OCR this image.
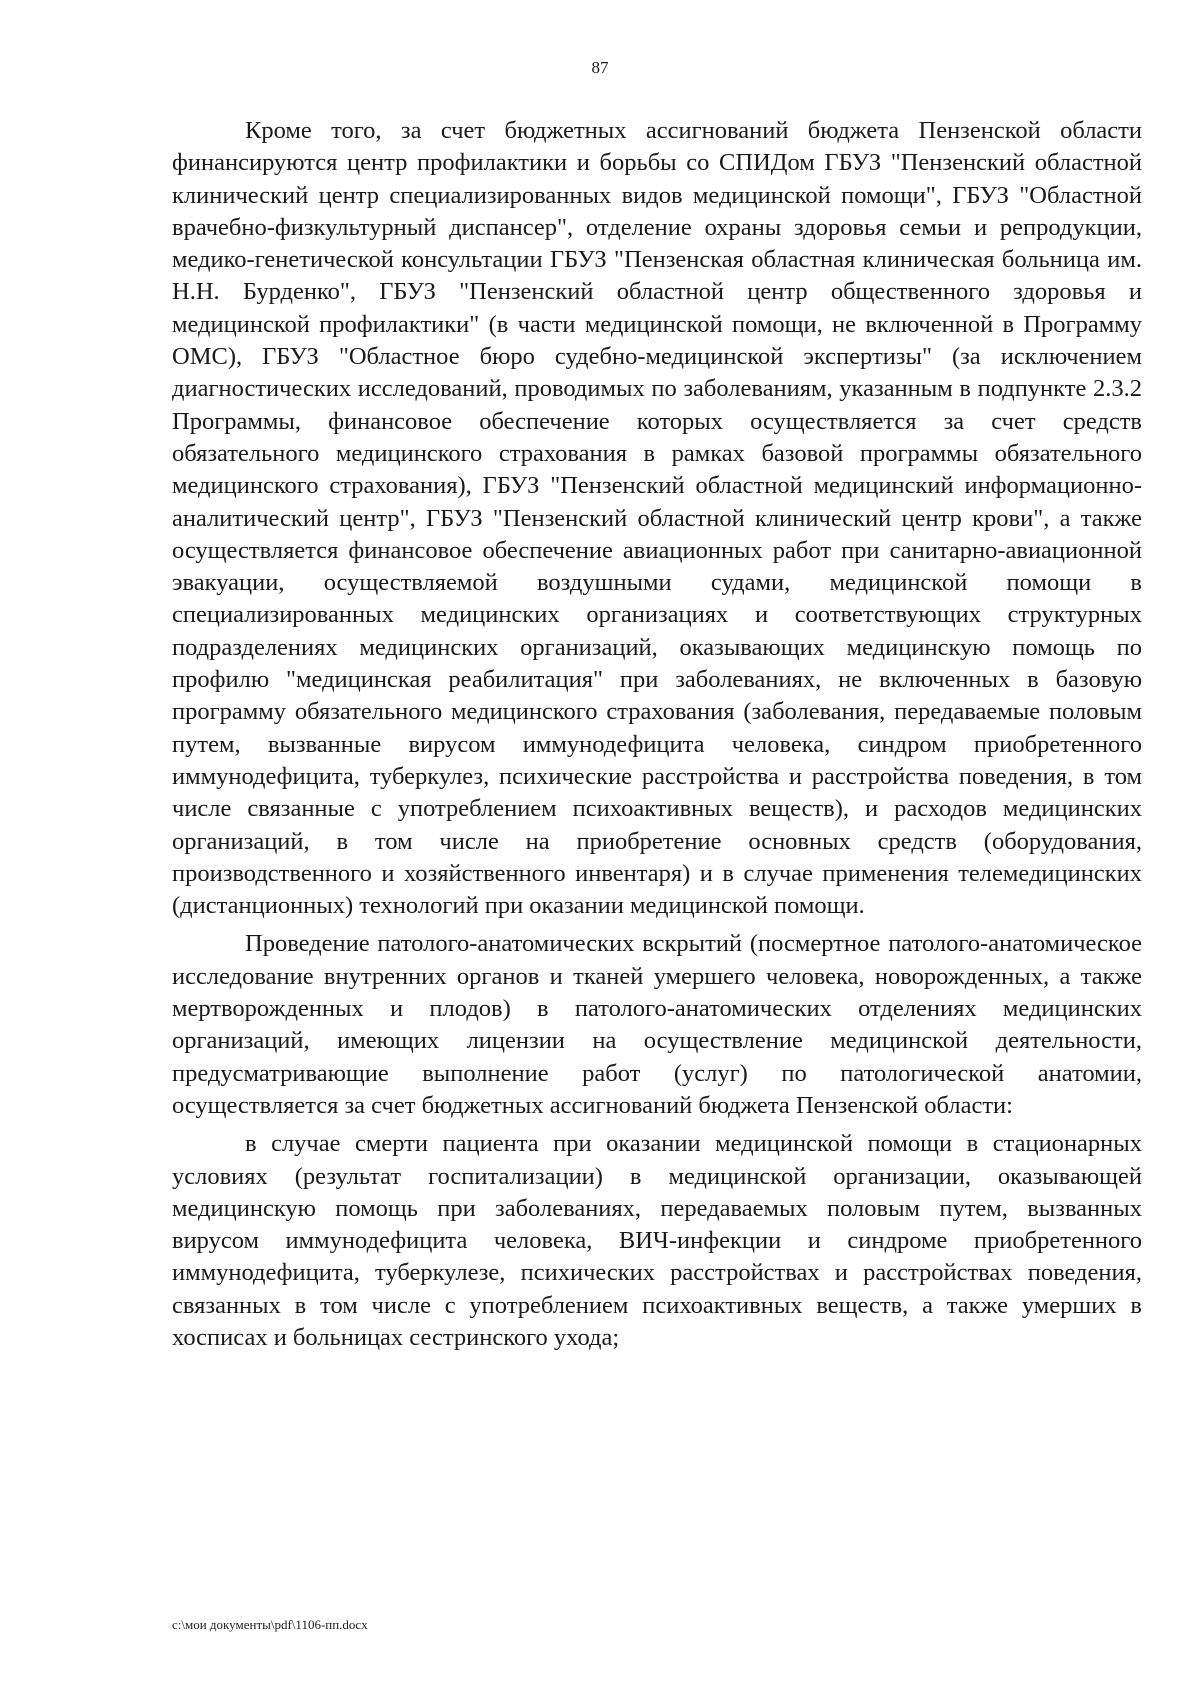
87

Кроме того, за счет бюджетных ассигнований бюджета Пензенской области финансируются центр профилактики и борьбы со СПИДом ГБУЗ "Пензенский областной клинический центр специализированных видов медицинской помощи", ГБУЗ "Областной врачебно-физкультурный диспансер", отделение охраны здоровья семьи и репродукции, медико-генетической консультации ГБУЗ "Пензенская областная клиническая больница им. Н.Н. Бурденко", ГБУЗ "Пензенский областной центр общественного здоровья и медицинской профилактики" (в части медицинской помощи, не включенной в Программу ОМС), ГБУЗ "Областное бюро судебно-медицинской экспертизы" (за исключением диагностических исследований, проводимых по заболеваниям, указанным в подпункте 2.3.2 Программы, финансовое обеспечение которых осуществляется за счет средств обязательного медицинского страхования в рамках базовой программы обязательного медицинского страхования), ГБУЗ "Пензенский областной медицинский информационно-аналитический центр", ГБУЗ "Пензенский областной клинический центр крови", а также осуществляется финансовое обеспечение авиационных работ при санитарно-авиационной эвакуации, осуществляемой воздушными судами, медицинской помощи в специализированных медицинских организациях и соответствующих структурных подразделениях медицинских организаций, оказывающих медицинскую помощь по профилю "медицинская реабилитация" при заболеваниях, не включенных в базовую программу обязательного медицинского страхования (заболевания, передаваемые половым путем, вызванные вирусом иммунодефицита человека, синдром приобретенного иммунодефицита, туберкулез, психические расстройства и расстройства поведения, в том числе связанные с употреблением психоактивных веществ), и расходов медицинских организаций, в том числе на приобретение основных средств (оборудования, производственного и хозяйственного инвентаря) и в случае применения телемедицинских (дистанционных) технологий при оказании медицинской помощи.

Проведение патолого-анатомических вскрытий (посмертное патолого-анатомическое исследование внутренних органов и тканей умершего человека, новорожденных, а также мертворожденных и плодов) в патолого-анатомических отделениях медицинских организаций, имеющих лицензии на осуществление медицинской деятельности, предусматривающие выполнение работ (услуг) по патологической анатомии, осуществляется за счет бюджетных ассигнований бюджета Пензенской области:

в случае смерти пациента при оказании медицинской помощи в стационарных условиях (результат госпитализации) в медицинской организации, оказывающей медицинскую помощь при заболеваниях, передаваемых половым путем, вызванных вирусом иммунодефицита человека, ВИЧ-инфекции и синдроме приобретенного иммунодефицита, туберкулезе, психических расстройствах и расстройствах поведения, связанных в том числе с употреблением психоактивных веществ, а также умерших в хосписах и больницах сестринского ухода;

c:\мои документы\pdf\1106-пп.docx
